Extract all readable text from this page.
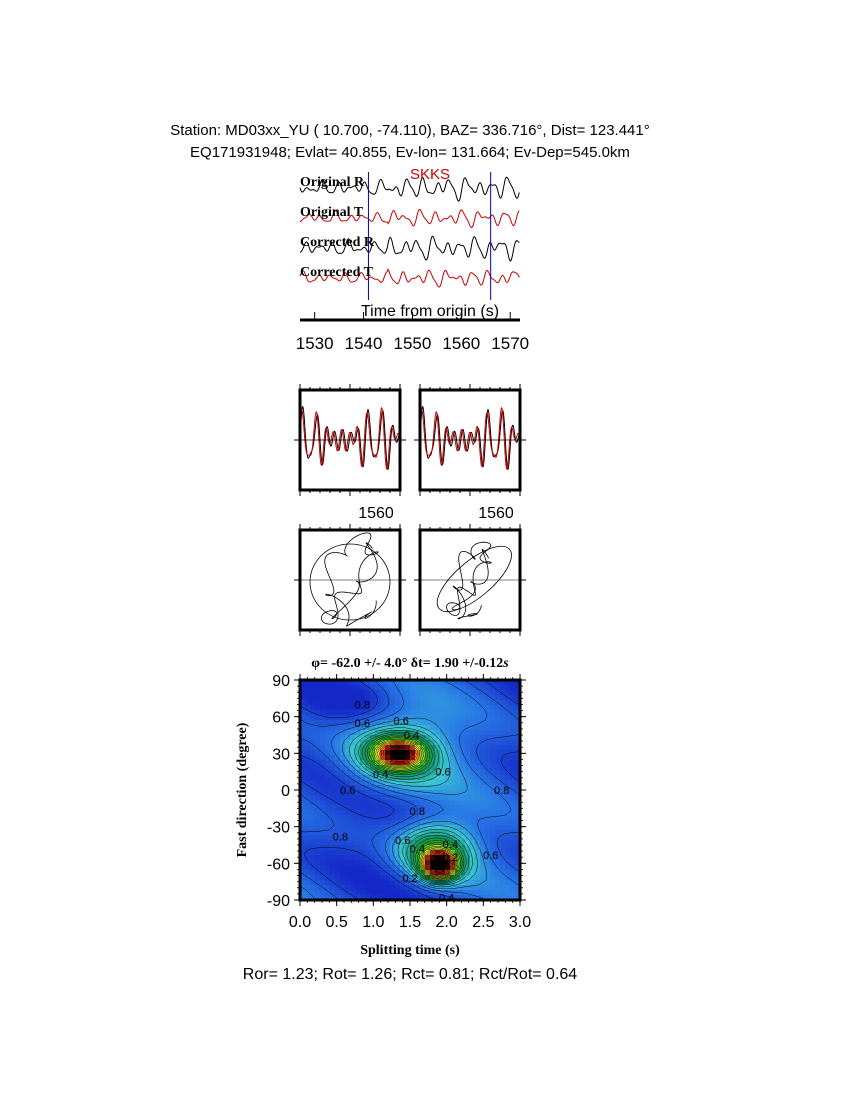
Station: MD03xx_YU ( 10.700, -74.110), BAZ= 336.716°, Dist= 123.441°
EQ171931948; Evlat= 40.855, Ev-lon= 131.664; Ev-Dep=545.0km
Original R
Original T
Corrected R
Corrected T
SKKS
Time from origin (s)
1530 1540 1550 1560 1570
1560	1560
φ= -62.0 +/- 4.0° δt= 1.90 +/-0.12s
0.8
0.6 0.6
0.4
0.4	0.6
0.8
0.6
0.8
0.8	0.6
0.4 0.4
0.2 0.6
0.2
0.4
0.0 0.5 1.0 1.5 2.0 2.5 3.0
90
60
30
0
-30
-60
-90
Splitting time (s)
Fast direction (degree)
Ror= 1.23; Rot= 1.26; Rct= 0.81; Rct/Rot= 0.64
